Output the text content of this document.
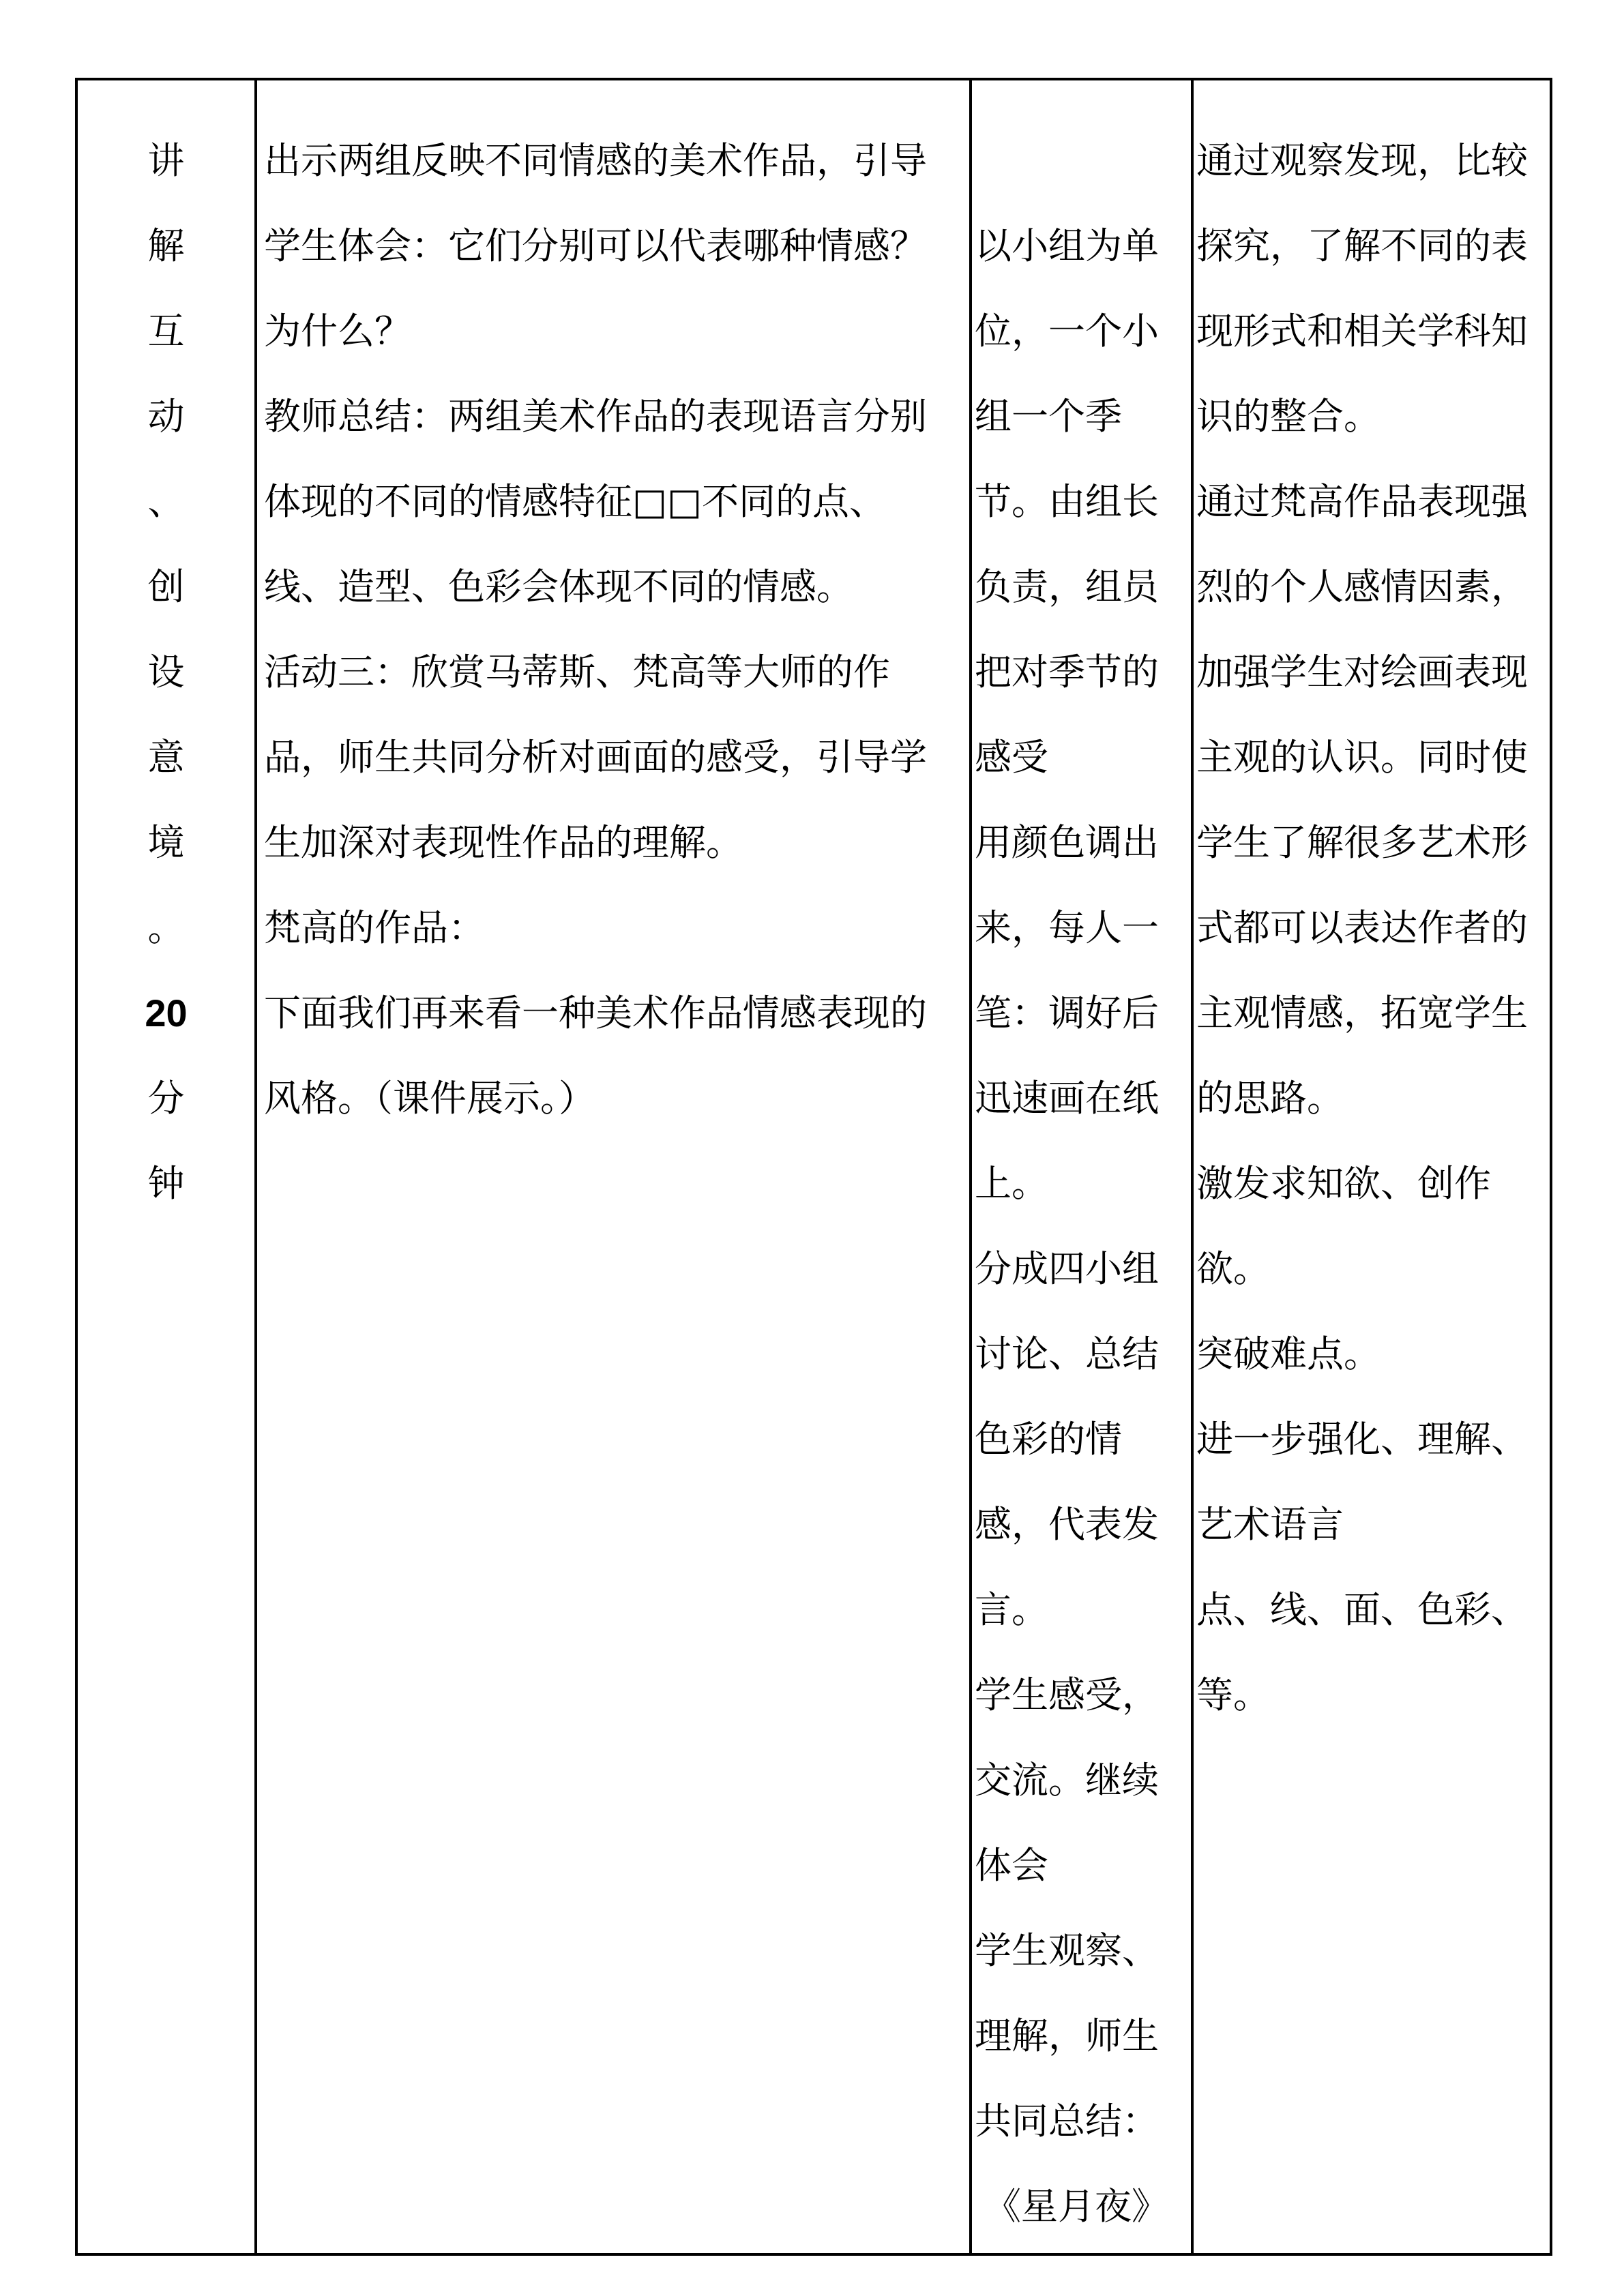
讲
解
互
动
、
创
设
意
境
。
20
分
钟

出示两组反映不同情感的美术作品，引导
学生体会：它们分别可以代表哪种情感？
为什么？
教师总结：两组美术作品的表现语言分别
体现的不同的情感特征□□不同的点、
线、造型、色彩会体现不同的情感。
活动三：欣赏马蒂斯、梵高等大师的作
品，师生共同分析对画面的感受，引导学
生加深对表现性作品的理解。
梵高的作品：
下面我们再来看一种美术作品情感表现的
风格。（课件展示。）

以小组为单
位，一个小
组一个季
节。由组长
负责，组员
把对季节的
感受
用颜色调出
来，每人一
笔：调好后
迅速画在纸
上。
分成四小组
讨论、总结
色彩的情
感，代表发
言。
学生感受，
交流。继续
体会
学生观察、
理解，师生
共同总结：
《星月夜》

通过观察发现，比较
探究，了解不同的表
现形式和相关学科知
识的整合。
通过梵高作品表现强
烈的个人感情因素，
加强学生对绘画表现
主观的认识。同时使
学生了解很多艺术形
式都可以表达作者的
主观情感，拓宽学生
的思路。
激发求知欲、创作
欲。
突破难点。
进一步强化、理解、
艺术语言
点、线、面、色彩、
等。
